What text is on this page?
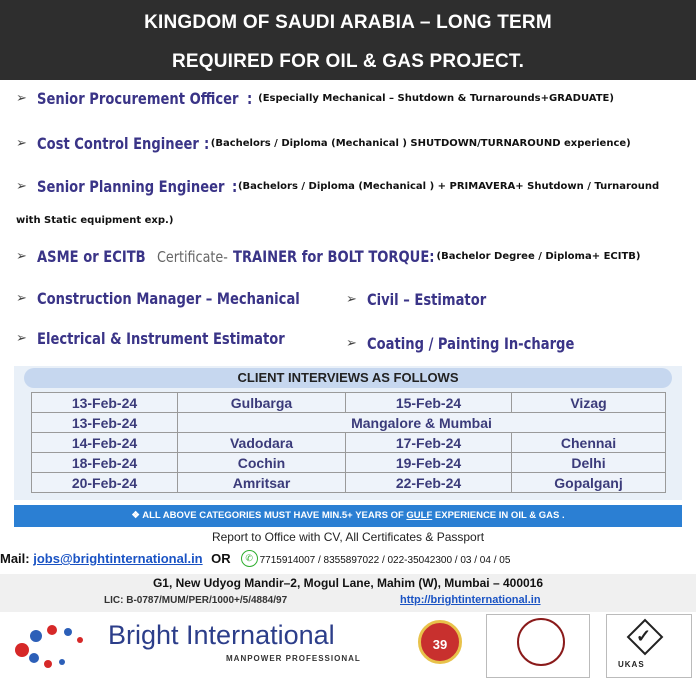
KINGDOM OF SAUDI ARABIA – LONG TERM
REQUIRED FOR OIL & GAS PROJECT.
➢ Senior Procurement Officer : (Especially Mechanical – Shutdown & Turnarounds+GRADUATE)
➢ Cost Control Engineer :(Bachelors / Diploma (Mechanical ) SHUTDOWN/TURNAROUND experience)
➢ Senior Planning Engineer :(Bachelors / Diploma (Mechanical ) + PRIMAVERA+ Shutdown / Turnaround
with Static equipment exp.)
➢ ASME or ECITB Certificate- TRAINER for BOLT TORQUE: (Bachelor Degree / Diploma+ ECITB)
➢ Construction Manager – Mechanical	➢ Civil – Estimator
➢ Electrical & Instrument Estimator	➢ Coating / Painting In-charge
CLIENT INTERVIEWS AS FOLLOWS
13-Feb-24	Gulbarga	15-Feb-24	Vizag
13-Feb-24	Mangalore & Mumbai		
14-Feb-24	Vadodara	17-Feb-24	Chennai
18-Feb-24	Cochin	19-Feb-24	Delhi
20-Feb-24	Amritsar	22-Feb-24	Gopalganj
❖ ALL ABOVE CATEGORIES MUST HAVE MIN.5+ YEARS OF GULF EXPERIENCE IN OIL & GAS .
Report to Office with CV, All Certificates & Passport
Mail: jobs@brightinternational.in OR ✆ 7715914007 / 8355897022 / 022-35042300 / 03 / 04 / 05
G1, New Udyog Mandir–2, Mogul Lane, Mahim (W), Mumbai – 400016
LIC: B-0787/MUM/PER/1000+/5/4884/97	http://brightinternational.in
Bright International
MANPOWER PROFESSIONAL
39	✓
UKAS
